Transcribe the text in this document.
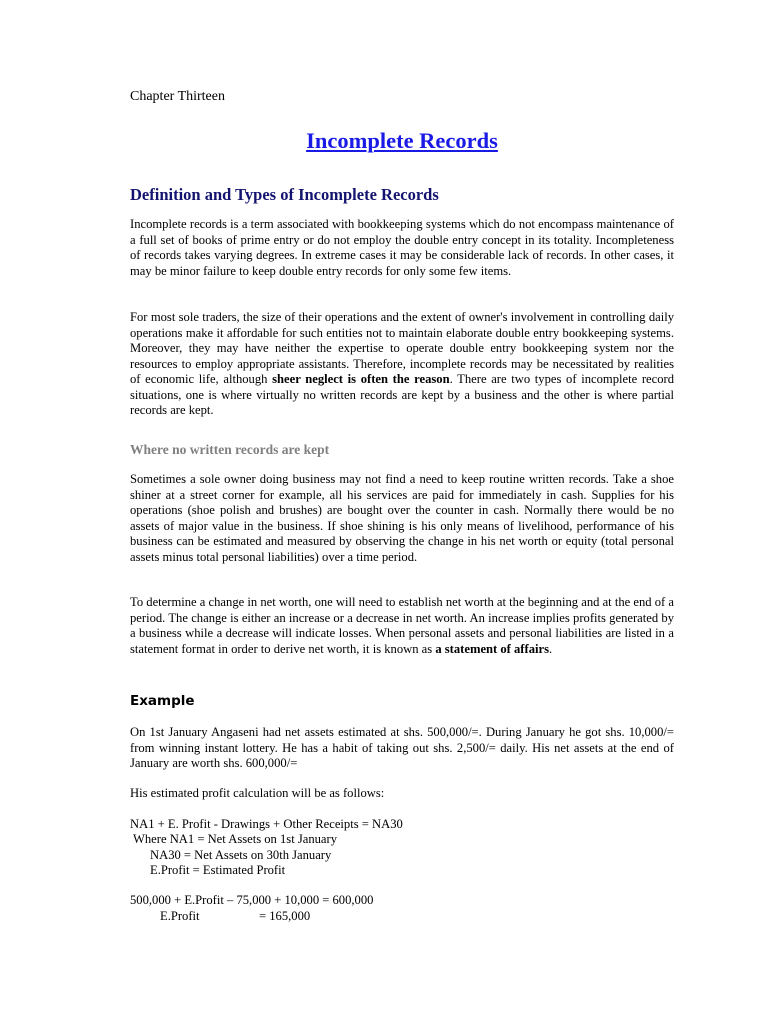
Chapter Thirteen
Incomplete Records
Definition and Types of Incomplete Records

Incomplete records is a term associated with bookkeeping systems which do not encompass maintenance of a full set of books of prime entry or do not employ the double entry concept in its totality. Incompleteness of records takes varying degrees. In extreme cases it may be considerable lack of records. In other cases, it may be minor failure to keep double entry records for only some few items.

For most sole traders, the size of their operations and the extent of owner's involvement in controlling daily operations make it affordable for such entities not to maintain elaborate double entry bookkeeping systems. Moreover, they may have neither the expertise to operate double entry bookkeeping system nor the resources to employ appropriate assistants. Therefore, incomplete records may be necessitated by realities of economic life, although sheer neglect is often the reason. There are two types of incomplete record situations, one is where virtually no written records are kept by a business and the other is where partial records are kept.

Where no written records are kept

Sometimes a sole owner doing business may not find a need to keep routine written records. Take a shoe shiner at a street corner for example, all his services are paid for immediately in cash. Supplies for his operations (shoe polish and brushes) are bought over the counter in cash. Normally there would be no assets of major value in the business. If shoe shining is his only means of livelihood, performance of his business can be estimated and measured by observing the change in his net worth or equity (total personal assets minus total personal liabilities) over a time period.

To determine a change in net worth, one will need to establish net worth at the beginning and at the end of a period. The change is either an increase or a decrease in net worth. An increase implies profits generated by a business while a decrease will indicate losses. When personal assets and personal liabilities are listed in a statement format in order to derive net worth, it is known as a statement of affairs.

Example

On 1st January Angaseni had net assets estimated at shs. 500,000/=. During January he got shs. 10,000/= from winning instant lottery. He has a habit of taking out shs. 2,500/= daily. His net assets at the end of January are worth shs. 600,000/=

His estimated profit calculation will be as follows:
NA1 + E. Profit - Drawings + Other Receipts = NA30
Where NA1 = Net Assets on 1st January
NA30 = Net Assets on 30th January
E.Profit = Estimated Profit
500,000 + E.Profit – 75,000 + 10,000 = 600,000
E.Profit	= 165,000
